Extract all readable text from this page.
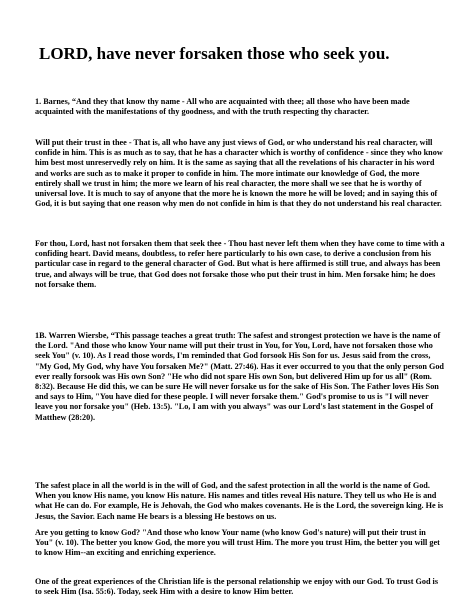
LORD, have never forsaken those who seek you.

1. Barnes, “And they that know thy name - All who are acquainted with thee; all those who have been made acquainted with the manifestations of thy goodness, and with the truth respecting thy character.

Will put their trust in thee - That is, all who have any just views of God, or who understand his real character, will confide in him. This is as much as to say, that he has a character which is worthy of confidence - since they who know him best most unreservedly rely on him. It is the same as saying that all the revelations of his character in his word and works are such as to make it proper to confide in him. The more intimate our knowledge of God, the more entirely shall we trust in him; the more we learn of his real character, the more shall we see that he is worthy of universal love. It is much to say of anyone that the more he is known the more he will be loved; and in saying this of God, it is but saying that one reason why men do not confide in him is that they do not understand his real character.

For thou, Lord, hast not forsaken them that seek thee - Thou hast never left them when they have come to time with a confiding heart. David means, doubtless, to refer here particularly to his own case, to derive a conclusion from his particular case in regard to the general character of God. But what is here affirmed is still true, and always has been true, and always will be true, that God does not forsake those who put their trust in him. Men forsake him; he does not forsake them.

1B. Warren Wiersbe, “This passage teaches a great truth: The safest and strongest protection we have is the name of the Lord. "And those who know Your name will put their trust in You, for You, Lord, have not forsaken those who seek You" (v. 10). As I read those words, I'm reminded that God forsook His Son for us. Jesus said from the cross, "My God, My God, why have You forsaken Me?" (Matt. 27:46). Has it ever occurred to you that the only person God ever really forsook was His own Son? "He who did not spare His own Son, but delivered Him up for us all" (Rom. 8:32). Because He did this, we can be sure He will never forsake us for the sake of His Son. The Father loves His Son and says to Him, "You have died for these people. I will never forsake them." God's promise to us is "I will never leave you nor forsake you" (Heb. 13:5). "Lo, I am with you always" was our Lord's last statement in the Gospel of Matthew (28:20).

The safest place in all the world is in the will of God, and the safest protection in all the world is the name of God. When you know His name, you know His nature. His names and titles reveal His nature. They tell us who He is and what He can do. For example, He is Jehovah, the God who makes covenants. He is the Lord, the sovereign king. He is Jesus, the Savior. Each name He bears is a blessing He bestows on us.

Are you getting to know God? "And those who know Your name (who know God's nature) will put their trust in You" (v. 10). The better you know God, the more you will trust Him. The more you trust Him, the better you will get to know Him--an exciting and enriching experience.

One of the great experiences of the Christian life is the personal relationship we enjoy with our God. To trust God is to seek Him (Isa. 55:6). Today, seek Him with a desire to know Him better.
